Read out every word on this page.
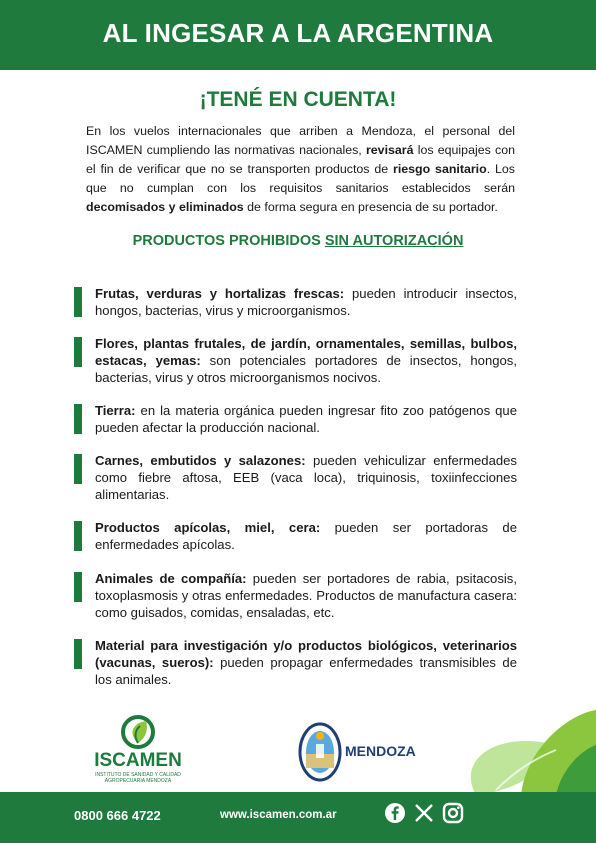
AL INGESAR A LA ARGENTINA
¡TENÉ EN CUENTA!
En los vuelos internacionales que arriben a Mendoza, el personal del ISCAMEN cumpliendo las normativas nacionales, revisará los equipajes con el fin de verificar que no se transporten productos de riesgo sanitario. Los que no cumplan con los requisitos sanitarios establecidos serán decomisados y eliminados de forma segura en presencia de su portador.
PRODUCTOS PROHIBIDOS SIN AUTORIZACIÓN
Frutas, verduras y hortalizas frescas: pueden introducir insectos, hongos, bacterias, virus y microorganismos.
Flores, plantas frutales, de jardín, ornamentales, semillas, bulbos, estacas, yemas: son potenciales portadores de insectos, hongos, bacterias, virus y otros microorganismos nocivos.
Tierra: en la materia orgánica pueden ingresar fito zoo patógenos que pueden afectar la producción nacional.
Carnes, embutidos y salazones: pueden vehiculizar enfermedades como fiebre aftosa, EEB (vaca loca), triquinosis, toxiinfecciones alimentarias.
Productos apícolas, miel, cera: pueden ser portadoras de enfermedades apícolas.
Animales de compañía: pueden ser portadores de rabia, psitacosis, toxoplasmosis y otras enfermedades. Productos de manufactura casera: como guisados, comidas, ensaladas, etc.
Material para investigación y/o productos biológicos, veterinarios (vacunas, sueros): pueden propagar enfermedades transmisibles de los animales.
ISCAMEN
INSTITUTO DE SANIDAD Y CALIDAD AGROPECUARIA MENDOZA
MENDOZA
0800 666 4722	www.iscamen.com.ar
